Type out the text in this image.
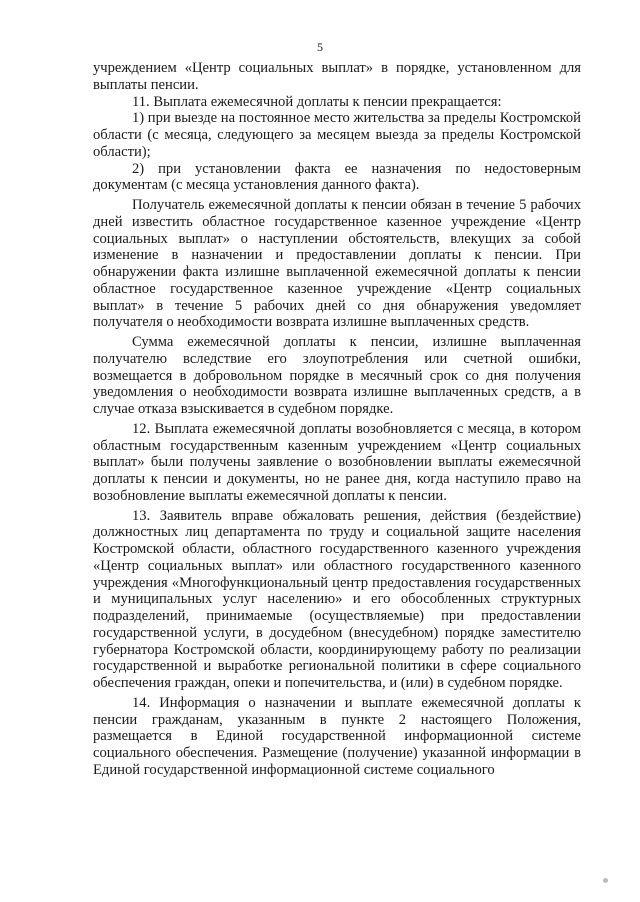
5

учреждением «Центр социальных выплат» в порядке, установленном для выплаты пенсии.

11. Выплата ежемесячной доплаты к пенсии прекращается:

1) при выезде на постоянное место жительства за пределы Костромской области (с месяца, следующего за месяцем выезда за пределы Костромской области);

2) при установлении факта ее назначения по недостоверным документам (с месяца установления данного факта).

Получатель ежемесячной доплаты к пенсии обязан в течение 5 рабочих дней известить областное государственное казенное учреждение «Центр социальных выплат» о наступлении обстоятельств, влекущих за собой изменение в назначении и предоставлении доплаты к пенсии. При обнаружении факта излишне выплаченной ежемесячной доплаты к пенсии областное государственное казенное учреждение «Центр социальных выплат» в течение 5 рабочих дней со дня обнаружения уведомляет получателя о необходимости возврата излишне выплаченных средств.

Сумма ежемесячной доплаты к пенсии, излишне выплаченная получателю вследствие его злоупотребления или счетной ошибки, возмещается в добровольном порядке в месячный срок со дня получения уведомления о необходимости возврата излишне выплаченных средств, а в случае отказа взыскивается в судебном порядке.

12. Выплата ежемесячной доплаты возобновляется с месяца, в котором областным государственным казенным учреждением «Центр социальных выплат» были получены заявление о возобновлении выплаты ежемесячной доплаты к пенсии и документы, но не ранее дня, когда наступило право на возобновление выплаты ежемесячной доплаты к пенсии.

13. Заявитель вправе обжаловать решения, действия (бездействие) должностных лиц департамента по труду и социальной защите населения Костромской области, областного государственного казенного учреждения «Центр социальных выплат» или областного государственного казенного учреждения «Многофункциональный центр предоставления государственных и муниципальных услуг населению» и его обособленных структурных подразделений, принимаемые (осуществляемые) при предоставлении государственной услуги, в досудебном (внесудебном) порядке заместителю губернатора Костромской области, координирующему работу по реализации государственной и выработке региональной политики в сфере социального обеспечения граждан, опеки и попечительства, и (или) в судебном порядке.

14. Информация о назначении и выплате ежемесячной доплаты к пенсии гражданам, указанным в пункте 2 настоящего Положения, размещается в Единой государственной информационной системе социального обеспечения. Размещение (получение) указанной информации в Единой государственной информационной системе социального
